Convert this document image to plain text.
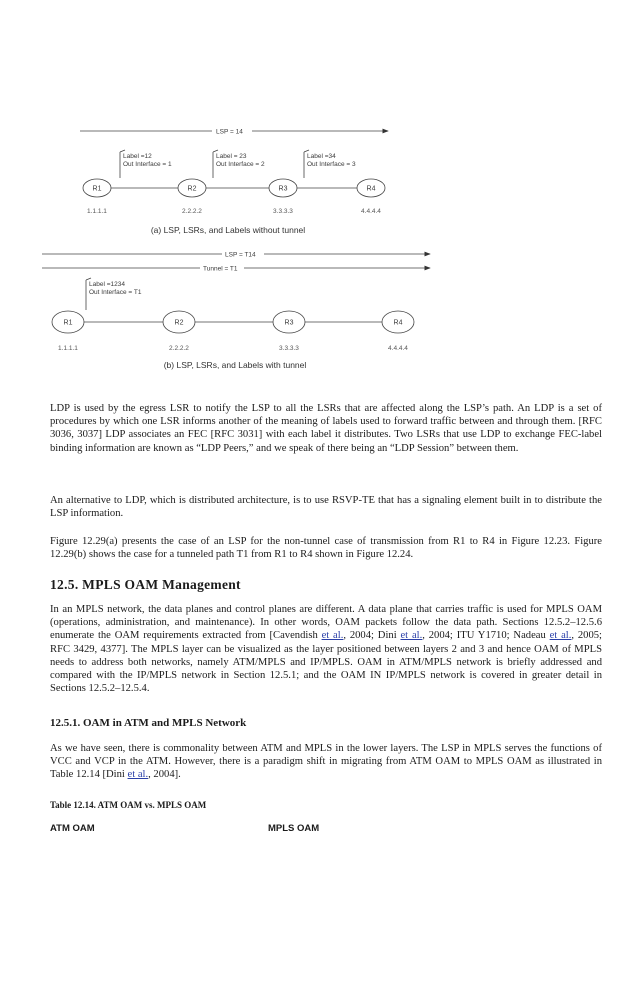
LSP = 14
Label =12
Out Interface = 1
Label = 23
Out Interface = 2
Label =34
Out Interface = 3
R1	R2	R3	R4
1.1.1.1	2.2.2.2	3.3.3.3	4.4.4.4
(a) LSP, LSRs, and Labels without tunnel
LSP = T14
Tunnel = T1
Label =1234
Out Interface = T1
R1	R2	R3	R4
1.1.1.1	2.2.2.2	3.3.3.3	4.4.4.4
(b) LSP, LSRs, and Labels with tunnel

LDP is used by the egress LSR to notify the LSP to all the LSRs that are affected along the LSP’s path. An LDP is a set of procedures by which one LSR informs another of the meaning of labels used to forward traffic between and through them. [RFC 3036, 3037] LDP associates an FEC [RFC 3031] with each label it distributes. Two LSRs that use LDP to exchange FEC-label binding information are known as “LDP Peers,” and we speak of there being an “LDP Session” between them.

An alternative to LDP, which is distributed architecture, is to use RSVP-TE that has a signaling element built in to distribute the LSP information.

Figure 12.29(a) presents the case of an LSP for the non-tunnel case of transmission from R1 to R4 in Figure 12.23. Figure 12.29(b) shows the case for a tunneled path T1 from R1 to R4 shown in Figure 12.24.

12.5. MPLS OAM Management

In an MPLS network, the data planes and control planes are different. A data plane that carries traffic is used for MPLS OAM (operations, administration, and maintenance). In other words, OAM packets follow the data path. Sections 12.5.2–12.5.6 enumerate the OAM requirements extracted from [Cavendish et al., 2004; Dini et al., 2004; ITU Y1710; Nadeau et al., 2005; RFC 3429, 4377]. The MPLS layer can be visualized as the layer positioned between layers 2 and 3 and hence OAM of MPLS needs to address both networks, namely ATM/MPLS and IP/MPLS. OAM in ATM/MPLS network is briefly addressed and compared with the IP/MPLS network in Section 12.5.1; and the OAM IN IP/MPLS network is covered in greater detail in Sections 12.5.2–12.5.4.

12.5.1. OAM in ATM and MPLS Network

As we have seen, there is commonality between ATM and MPLS in the lower layers. The LSP in MPLS serves the functions of VCC and VCP in the ATM. However, there is a paradigm shift in migrating from ATM OAM to MPLS OAM as illustrated in Table 12.14 [Dini et al., 2004].

Table 12.14. ATM OAM vs. MPLS OAM

ATM OAM	MPLS OAM
